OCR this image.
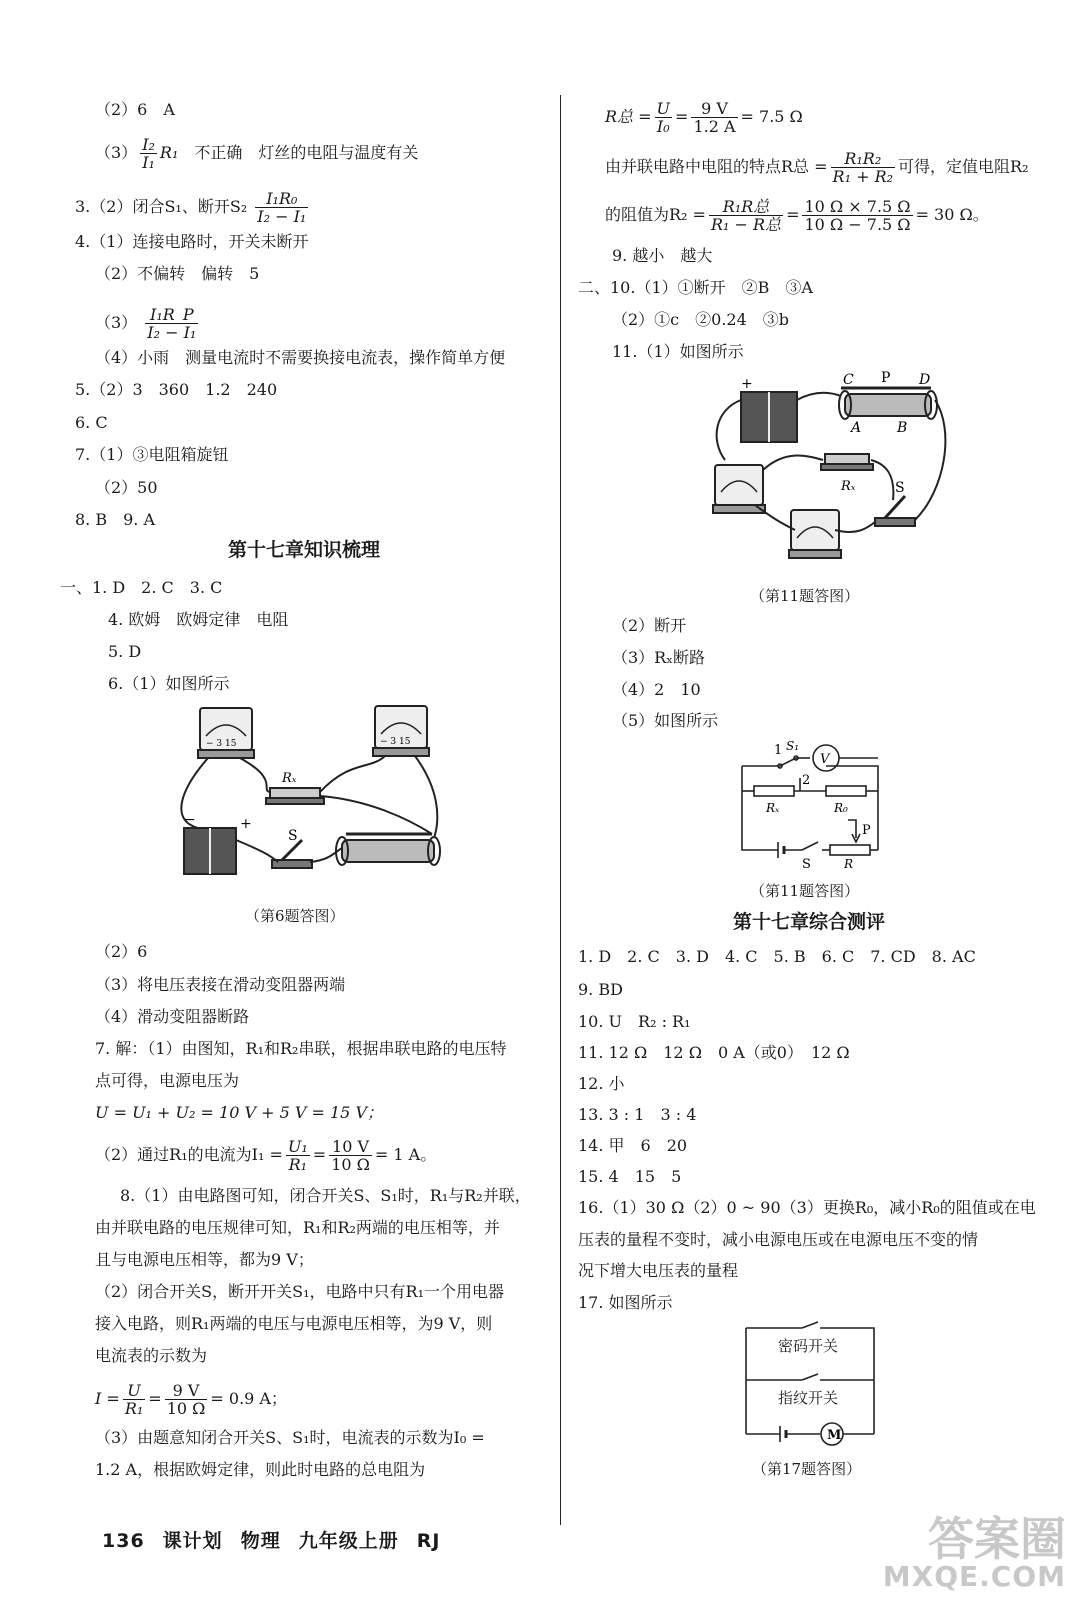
（2）6　A
$(3) \frac{\text{I₂}}{\text{I₁}} R_1$　不正确　灯丝的电阻与温度有关
3.（2）闭合S₁、断开$S_2 \frac{\text{I₁R₀}}{\text{I₂ − I₁}}$
4.（1）连接电路时，开关未断开
（2）不偏转　偏转　5
$(3) \frac{\text{I₁R\_P}}{\text{I₂ − I₁}}$
（4）小雨　测量电流时不需要换接电流表，操作简单方便
5.（2）3　360　1.2　240
6. C
7.（1）③电阻箱旋钮
（2）50
8. B　9. A
第十七章知识梳理
一、1. D　2. C　3. C
4. 欧姆　欧姆定律　电阻
5. D
6.（1）如图所示
Rₓ
S
+
−
− 3 15	− 3 15
（第6题答图）
（2）6
（3）将电压表接在滑动变阻器两端
（4）滑动变阻器断路
7. 解：（1）由图知，R₁和R₂串联，根据串联电路的电压特
点可得，电源电压为
U = U₁ + U₂ = 10 V + 5 V = 15 V；
（2）通过R₁的电流为$I_1 = \frac{\text{U₁}}{\text{R₁}} = \frac{10 V}{10 \Omega} = 1$ A。
8.（1）由电路图可知，闭合开关S、S₁时，R₁与R₂并联，
由并联电路的电压规律可知，R₁和R₂两端的电压相等，并
且与电源电压相等，都为9 V；
（2）闭合开关S，断开开关S₁，电路中只有R₁一个用电器
接入电路，则R₁两端的电压与电源电压相等，为9 V，则
电流表的示数为
$I = \frac{U}{\text{R₁}} = \frac{9 V}{10 \Omega} = 0.9$ A；
（3）由题意知闭合开关S、S₁时，电流表的示数为I₀ =
1.2 A，根据欧姆定律，则此时电路的总电阻为
R总 = $\frac{U}{\text{I₀}} = \frac{9 V}{1.2 A} = 7.5$ Ω
由并联电路中电阻的特点R总 = $\frac{\text{R₁R₂}}{\text{R₁ + R₂}}$ 可得，定值电阻R₂
的阻值为$R_2 = \frac{\text{R₁R总}}{\text{R₁ − R总}} = \frac{10 \Omega \times 7.5 \Omega}{10 \Omega - 7.5 \Omega} = 30$ Ω。
9. 越小　越大
二、10.（1）①断开　②B　③A
（2）①c　②0.24　③b
11.（1）如图所示
C P D
A	B
+
Rₓ	S
（第11题答图）
（2）断开
（3）Rₓ断路
（4）2　10
（5）如图所示
1 S₁
V
2
Rₓ	R₀
P
S	R
（第11题答图）
第十七章综合测评
1. D　2. C　3. D　4. C　5. B　6. C　7. CD　8. AC
9. BD
10. U　R₂ : R₁
11. 12 Ω　12 Ω　0 A（或0）　12 Ω
12. 小
13. 3 : 1　3 : 4
14. 甲　6　20
15. 4　15　5
16.（1）30 Ω（2）0 ~ 90（3）更换R₀，减小R₀的阻值或在电
压表的量程不变时，减小电源电压或在电源电压不变的情
况下增大电压表的量程
17. 如图所示
M
密码开关
指纹开关
（第17题答图）
136 课计划 物理 九年级上册 RJ	答案圈
MXQE.COM
